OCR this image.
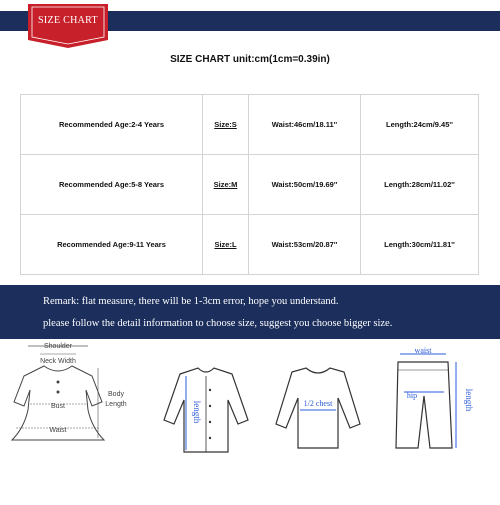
SIZE CHART
SIZE CHART unit:cm(1cm=0.39in)
Recommended Age:2-4 Years	Size:S	Waist:46cm/18.11''	Length:24cm/9.45''
Recommended Age:5-8 Years	Size:M	Waist:50cm/19.69''	Length:28cm/11.02''
Recommended Age:9-11 Years	Size:L	Waist:53cm/20.87''	Length:30cm/11.81''
Remark: flat measure, there will be 1-3cm error, hope you understand.
please follow the detail information to choose size, suggest you choose bigger size.
Shoulder
Neck Width
Bust
Waist
Body
Length	length	1/2 chest
waist
hip	length
